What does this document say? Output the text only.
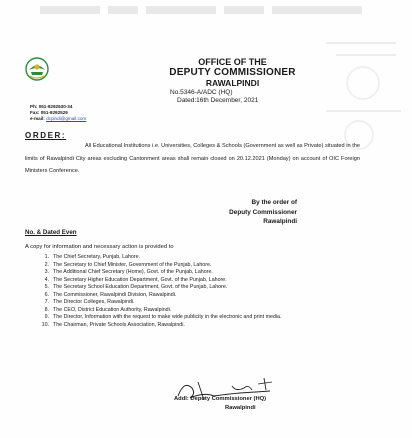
OFFICE OF THE
DEPUTY COMMISSIONER
RAWALPINDI
No.5346-A/ADC (HQ)
Dated:16th December, 2021
Ph: 051-9292630-34
Fax: 051-9292529
e-mail: dcpindi@gmail.com
ORDER:
All Educational Institutions i.e. Universities, Colleges & Schools (Government as well as Private) situated in the limits of Rawalpindi City areas excluding Cantonment areas shall remain closed on 20.12.2021 (Monday) on account of OIC Foreign Ministers Conference.
By the order of
Deputy Commissioner
Rawalpindi
No. & Dated Even
A copy for information and necessary action is provided to
1. The Chief Secretary, Punjab, Lahore.
2. The Secretary to Chief Minister, Government of the Punjab, Lahore.
3. The Additional Chief Secretary (Home), Govt. of the Punjab, Lahore.
4. The Secretary Higher Education Department, Govt. of the Punjab, Lahore.
5. The Secretary School Education Department, Govt. of the Punjab, Lahore.
6. The Commissioner, Rawalpindi Division, Rawalpindi.
7. The Director Colleges, Rawalpindi.
8. The CEO, District Education Authority, Rawalpindi.
9. The Director, Information with the request to make wide publicity in the electronic and print media.
10. The Chairman, Private Schools Association, Rawalpindi.
Addl: Deputy Commissioner (HQ)
Rawalpindi
